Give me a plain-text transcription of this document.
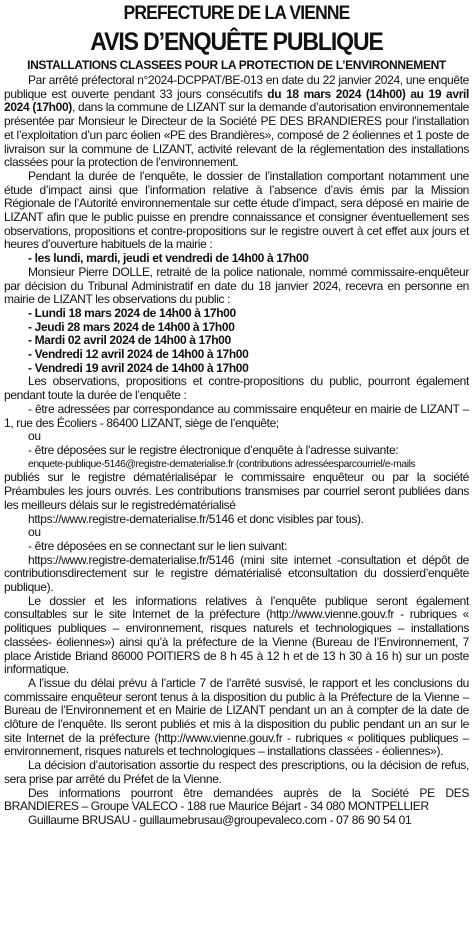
PREFECTURE DE LA VIENNE
AVIS D’ENQUÊTE PUBLIQUE
INSTALLATIONS CLASSEES POUR LA PROTECTION DE L’ENVIRONNEMENT

Par arrêté préfectoral n°2024-DCPPAT/BE-013 en date du 22 janvier 2024, une enquête publique est ouverte pendant 33 jours consécutifs du 18 mars 2024 (14h00) au 19 avril 2024 (17h00), dans la commune de LIZANT sur la demande d’autorisation environnementale présentée par Monsieur le Directeur de la Société PE DES BRANDIERES pour l’installation et l’exploitation d’un parc éolien «PE des Brandières», composé de 2 éoliennes et 1 poste de livraison sur la commune de LIZANT, activité relevant de la réglementation des installations classées pour la protection de l’environnement.

Pendant la durée de l’enquête, le dossier de l’installation comportant notamment une étude d’impact ainsi que l’information relative à l’absence d’avis émis par la Mission Régionale de l’Autorité environnementale sur cette étude d’impact, sera déposé en mairie de LIZANT afin que le public puisse en prendre connaissance et consigner éventuellement ses observations, propositions et contre-propositions sur le registre ouvert à cet effet aux jours et heures d’ouverture habituels de la mairie :

- les lundi, mardi, jeudi et vendredi de 14h00 à 17h00

Monsieur Pierre DOLLE, retraité de la police nationale, nommé commissaire-enquêteur par décision du Tribunal Administratif en date du 18 janvier 2024, recevra en personne en mairie de LIZANT les observations du public :

- Lundi 18 mars 2024 de 14h00 à 17h00

- Jeudi 28 mars 2024 de 14h00 à 17h00

- Mardi 02 avril 2024 de 14h00 à 17h00

- Vendredi 12 avril 2024 de 14h00 à 17h00

- Vendredi 19 avril 2024 de 14h00 à 17h00

Les observations, propositions et contre-propositions du public, pourront également pendant toute la durée de l’enquête :

- être adressées par correspondance au commissaire enquêteur en mairie de LIZANT – 1, rue des Écoliers - 86400 LIZANT, siège de l’enquête;

ou

- être déposées sur le registre électronique d’enquête à l’adresse suivante:

enquete-publique-5146@registre-dematerialise.fr (contributions adresséesparcourriel/e-mails

publiés sur le registre dématérialisépar le commissaire enquêteur ou par la société Préambules les jours ouvrés. Les contributions transmises par courriel seront publiées dans les meilleurs délais sur le registredématérialisé

https://www.registre-dematerialise.fr/5146 et donc visibles par tous).

ou

- être déposées en se connectant sur le lien suivant:

https://www.registre-dematerialise.fr/5146 (mini site internet -consultation et dépôt de contributionsdirectement sur le registre dématérialisé etconsultation du dossierd’enquête publique).

Le dossier et les informations relatives à l’enquête publique seront également consultables sur le site Internet de la préfecture (http://www.vienne.gouv.fr - rubriques « politiques publiques – environnement, risques naturels et technologiques – installations classées- éoliennes») ainsi qu’à la préfecture de la Vienne (Bureau de l’Environnement, 7 place Aristide Briand 86000 POITIERS de 8 h 45 à 12 h et de 13 h 30 à 16 h) sur un poste informatique.

A l’issue du délai prévu à l’article 7 de l’arrêté susvisé, le rapport et les conclusions du commissaire enquêteur seront tenus à la disposition du public à la Préfecture de la Vienne – Bureau de l’Environnement et en Mairie de LIZANT pendant un an à compter de la date de clôture de l’enquête. Ils seront publiés et mis à la disposition du public pendant un an sur le site Internet de la préfecture (http://www.vienne.gouv.fr - rubriques « politiques publiques – environnement, risques naturels et technologiques – installations classées - éoliennes»).

La décision d’autorisation assortie du respect des prescriptions, ou la décision de refus, sera prise par arrêté du Préfet de la Vienne.

Des informations pourront être demandées auprès de la Société PE DES BRANDIERES – Groupe VALECO - 188 rue Maurice Béjart - 34 080 MONTPELLIER

Guillaume BRUSAU - guillaumebrusau@groupevaleco.com - 07 86 90 54 01
